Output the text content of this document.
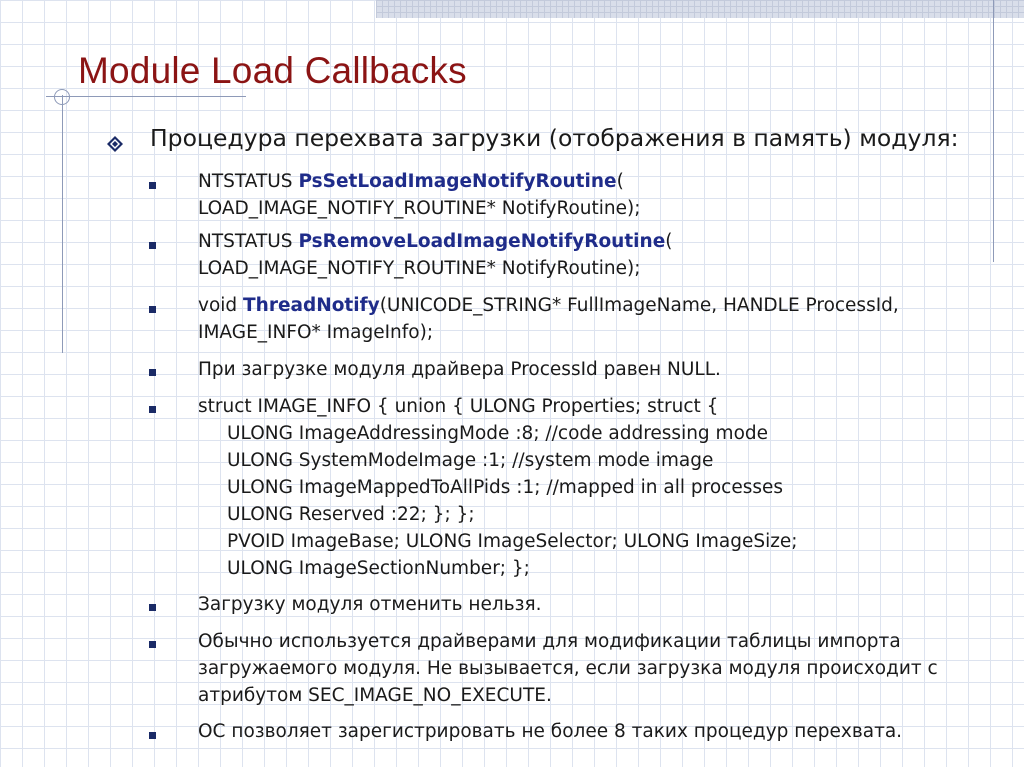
Module Load Callbacks

Процедура перехвата загрузки (отображения в память) модуля:

NTSTATUS PsSetLoadImageNotifyRoutine(
LOAD_IMAGE_NOTIFY_ROUTINE* NotifyRoutine);
NTSTATUS PsRemoveLoadImageNotifyRoutine(
LOAD_IMAGE_NOTIFY_ROUTINE* NotifyRoutine);
void ThreadNotify(UNICODE_STRING* FullImageName, HANDLE ProcessId,
IMAGE_INFO* ImageInfo);
При загрузке модуля драйвера ProcessId равен NULL.
struct IMAGE_INFO { union { ULONG Properties; struct {
ULONG ImageAddressingMode :8; //code addressing mode
ULONG SystemModeImage :1; //system mode image
ULONG ImageMappedToAllPids :1; //mapped in all processes
ULONG Reserved :22; }; };
PVOID ImageBase; ULONG ImageSelector; ULONG ImageSize;
ULONG ImageSectionNumber; };
Загрузку модуля отменить нельзя.
Обычно используется драйверами для модификации таблицы импорта
загружаемого модуля. Не вызывается, если загрузка модуля происходит с
атрибутом SEC_IMAGE_NO_EXECUTE.
ОС позволяет зарегистрировать не более 8 таких процедур перехвата.
